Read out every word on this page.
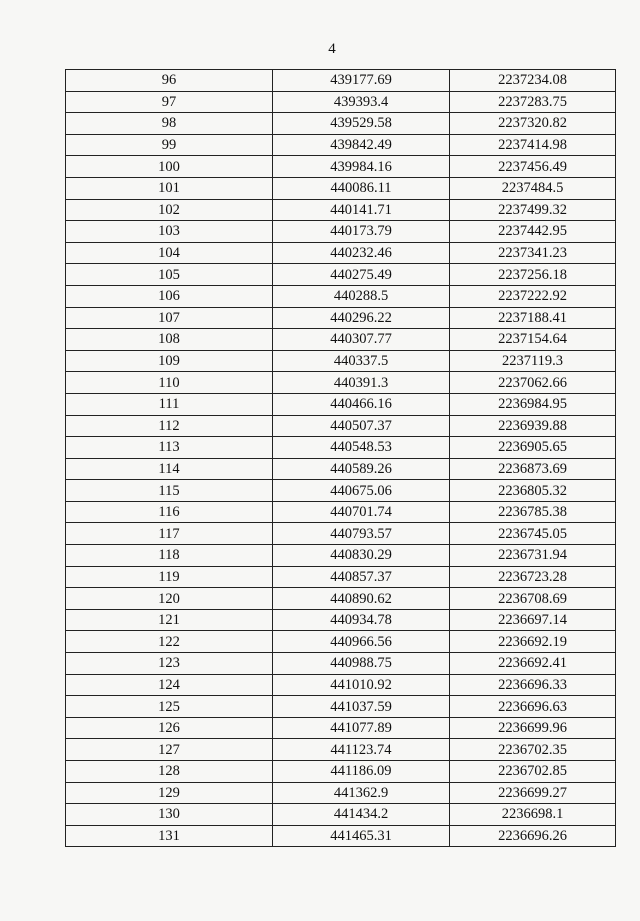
4
96	439177.69	2237234.08
97	439393.4	2237283.75
98	439529.58	2237320.82
99	439842.49	2237414.98
100	439984.16	2237456.49
101	440086.11	2237484.5
102	440141.71	2237499.32
103	440173.79	2237442.95
104	440232.46	2237341.23
105	440275.49	2237256.18
106	440288.5	2237222.92
107	440296.22	2237188.41
108	440307.77	2237154.64
109	440337.5	2237119.3
110	440391.3	2237062.66
111	440466.16	2236984.95
112	440507.37	2236939.88
113	440548.53	2236905.65
114	440589.26	2236873.69
115	440675.06	2236805.32
116	440701.74	2236785.38
117	440793.57	2236745.05
118	440830.29	2236731.94
119	440857.37	2236723.28
120	440890.62	2236708.69
121	440934.78	2236697.14
122	440966.56	2236692.19
123	440988.75	2236692.41
124	441010.92	2236696.33
125	441037.59	2236696.63
126	441077.89	2236699.96
127	441123.74	2236702.35
128	441186.09	2236702.85
129	441362.9	2236699.27
130	441434.2	2236698.1
131	441465.31	2236696.26
